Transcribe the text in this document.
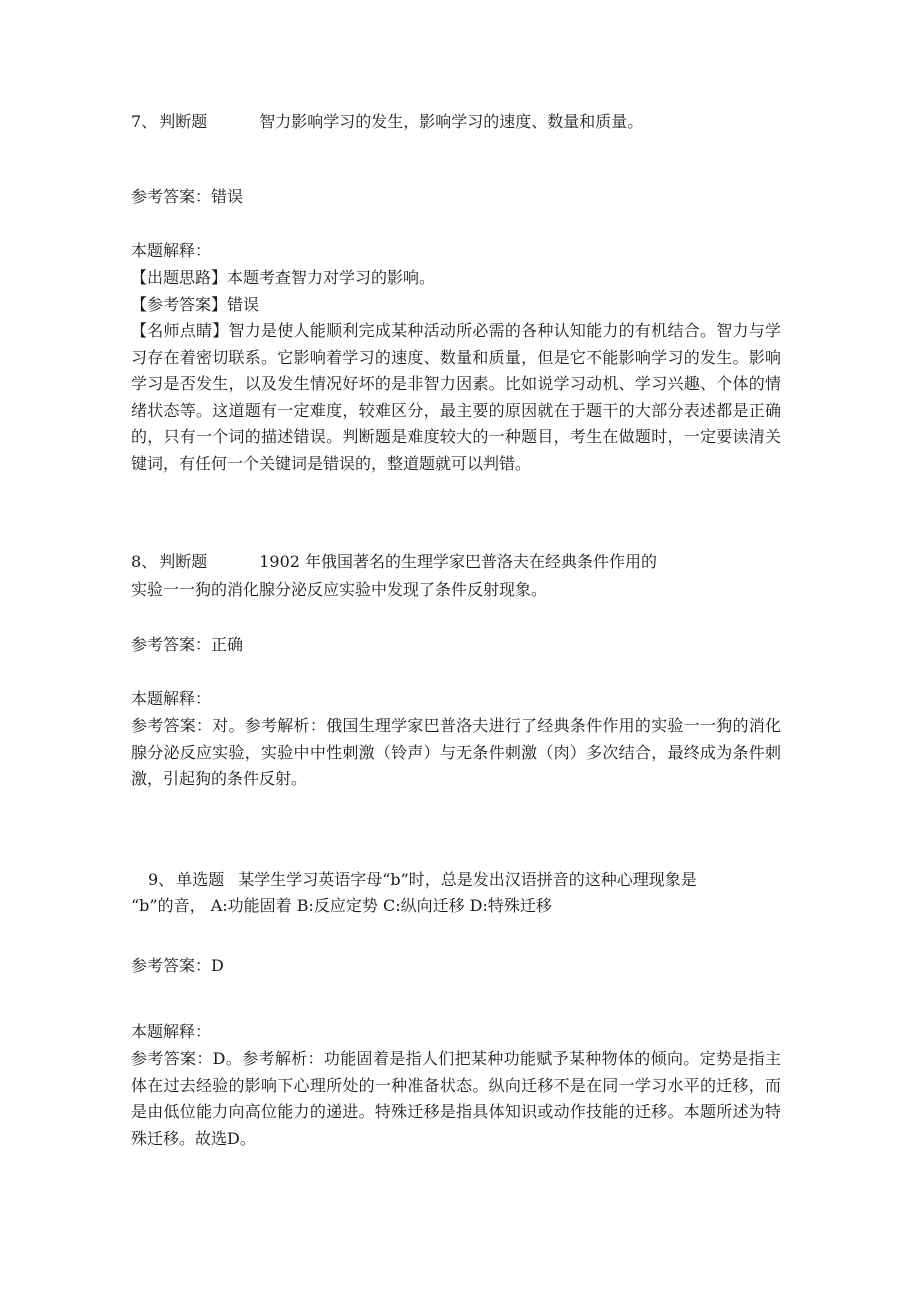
7、 判断题	智力影响学习的发生，影响学习的速度、数量和质量。
参考答案：错误
本题解释：

【出题思路】本题考查智力对学习的影响。

【参考答案】错误

【名师点睛】智力是使人能顺利完成某种活动所必需的各种认知能力的有机结合。智力与学习存在着密切联系。它影响着学习的速度、数量和质量，但是它不能影响学习的发生。影响学习是否发生，以及发生情况好坏的是非智力因素。比如说学习动机、学习兴趣、个体的情绪状态等。这道题有一定难度，较难区分，最主要的原因就在于题干的大部分表述都是正确的，只有一个词的描述错误。判断题是难度较大的一种题目，考生在做题时，一定要读清关键词，有任何一个关键词是错误的，整道题就可以判错。

8、 判断题	1902 年俄国著名的生理学家巴普洛夫在经典条件作用的
实验一一狗的消化腺分泌反应实验中发现了条件反射现象。
参考答案：正确
本题解释：

参考答案：对。参考解析：俄国生理学家巴普洛夫进行了经典条件作用的实验一一狗的消化腺分泌反应实验，实验中中性刺激（铃声）与无条件刺激（肉）多次结合，最终成为条件刺激，引起狗的条件反射。

9、 单选题 某学生学习英语字母“b”时，总是发出汉语拼音的这种心理现象是
“b”的音， A:功能固着 B:反应定势 C:纵向迁移 D:特殊迁移
参考答案：D
本题解释：

参考答案：D。参考解析：功能固着是指人们把某种功能赋予某种物体的倾向。定势是指主体在过去经验的影响下心理所处的一种准备状态。纵向迁移不是在同一学习水平的迁移，而是由低位能力向高位能力的递进。特殊迁移是指具体知识或动作技能的迁移。本题所述为特殊迁移。故选D。
